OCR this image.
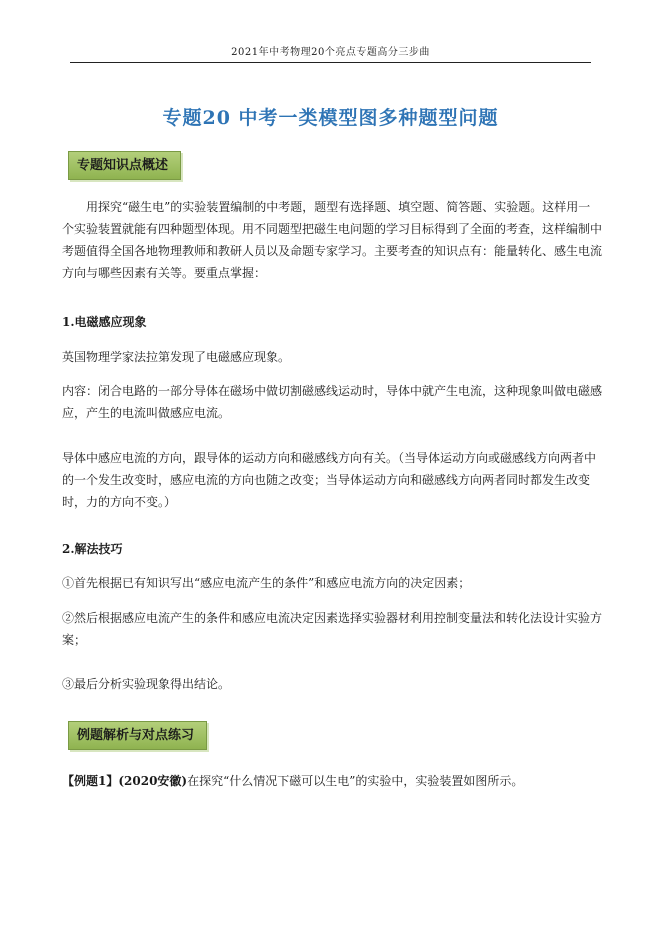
2021年中考物理20个亮点专题高分三步曲
专题20 中考一类模型图多种题型问题
专题知识点概述

用探究“磁生电”的实验装置编制的中考题，题型有选择题、填空题、简答题、实验题。这样用一个实验装置就能有四种题型体现。用不同题型把磁生电问题的学习目标得到了全面的考查，这样编制中考题值得全国各地物理教师和教研人员以及命题专家学习。主要考查的知识点有：能量转化、感生电流方向与哪些因素有关等。要重点掌握：

1.电磁感应现象

英国物理学家法拉第发现了电磁感应现象。

内容：闭合电路的一部分导体在磁场中做切割磁感线运动时，导体中就产生电流，这种现象叫做电磁感应，产生的电流叫做感应电流。

导体中感应电流的方向，跟导体的运动方向和磁感线方向有关。（当导体运动方向或磁感线方向两者中的一个发生改变时，感应电流的方向也随之改变；当导体运动方向和磁感线方向两者同时都发生改变时，力的方向不变。）

2.解法技巧

①首先根据已有知识写出“感应电流产生的条件”和感应电流方向的决定因素；

②然后根据感应电流产生的条件和感应电流决定因素选择实验器材利用控制变量法和转化法设计实验方案；

③最后分析实验现象得出结论。

例题解析与对点练习

【例题1】(2020安徽)在探究“什么情况下磁可以生电”的实验中，实验装置如图所示。
